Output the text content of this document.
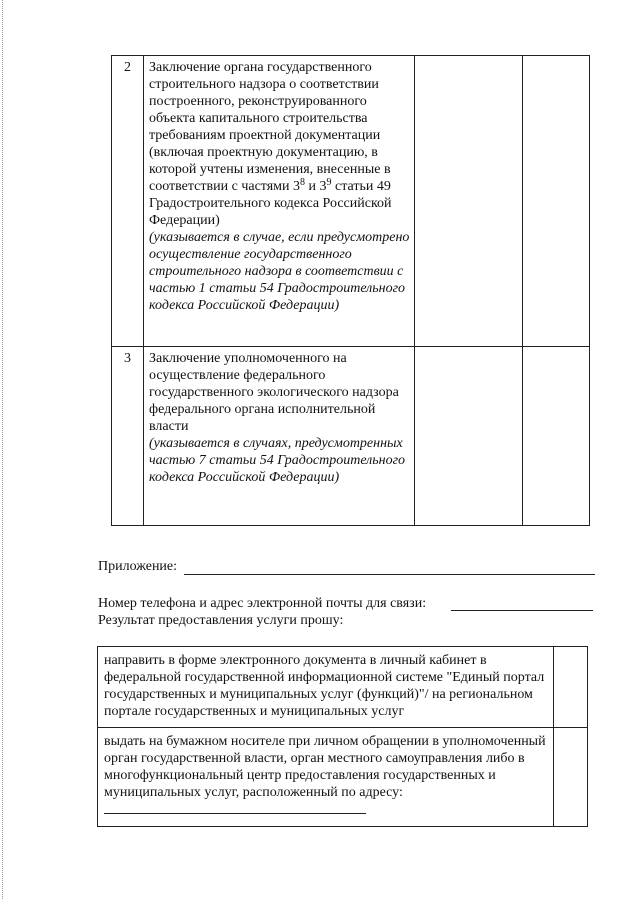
2	Заключение органа государственного строительного надзора о соответствии построенного, реконструированного объекта капитального строительства требованиям проектной документации (включая проектную документацию, в которой учтены изменения, внесенные в соответствии с частями $3^8$ и $3^9$ статьи 49 Градостроительного кодекса Российской Федерации)
(указывается в случае, если предусмотрено осуществление государственного строительного надзора в соответствии с частью 1 статьи 54 Градостроительного кодекса Российской Федерации)		

3	Заключение уполномоченного на осуществление федерального государственного экологического надзора федерального органа исполнительной власти
(указывается в случаях, предусмотренных частью 7 статьи 54 Градостроительного кодекса Российской Федерации)		

Приложение:
Номер телефона и адрес электронной почты для связи:
Результат предоставления услуги прошу:
направить в форме электронного документа в личный кабинет в федеральной государственной информационной системе "Единый портал государственных и муниципальных услуг (функций)"/ на региональном портале государственных и муниципальных услуг	

выдать на бумажном носителе при личном обращении в уполномоченный орган государственной власти, орган местного самоуправления либо в многофункциональный центр предоставления государственных и муниципальных услуг, расположенный по адресу:	
